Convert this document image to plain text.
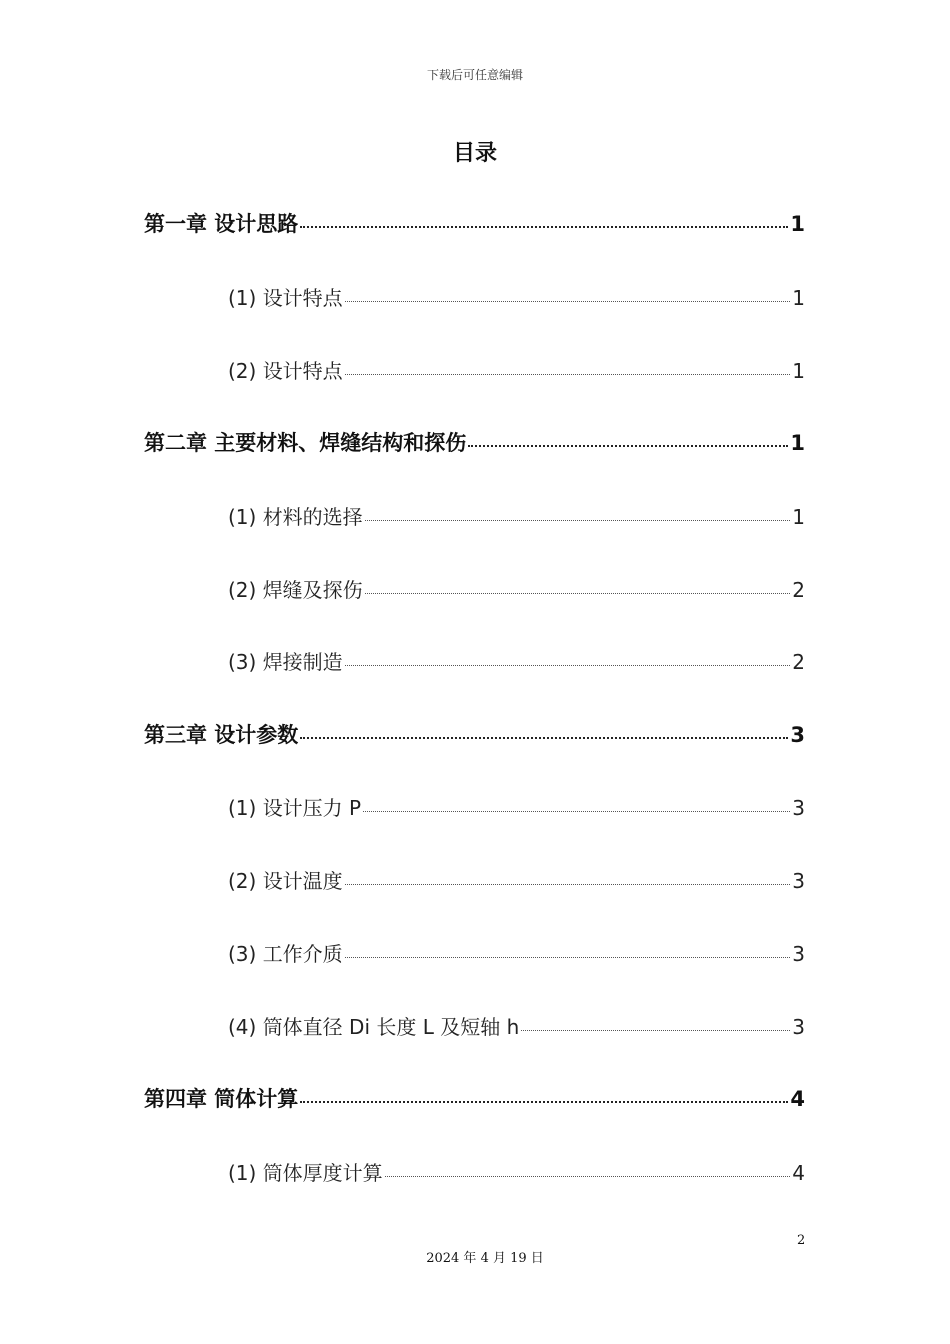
下载后可任意编辑
目录
第一章 设计思路	1
(1) 设计特点	1
(2) 设计特点	1
第二章 主要材料、焊缝结构和探伤	1
(1) 材料的选择	1
(2) 焊缝及探伤	2
(3) 焊接制造	2
第三章 设计参数	3
(1) 设计压力 P	3
(2) 设计温度	3
(3) 工作介质	3
(4) 筒体直径 Di 长度 L 及短轴 h	3
第四章 筒体计算	4
(1) 筒体厚度计算	4
2
2024 年 4 月 19 日
